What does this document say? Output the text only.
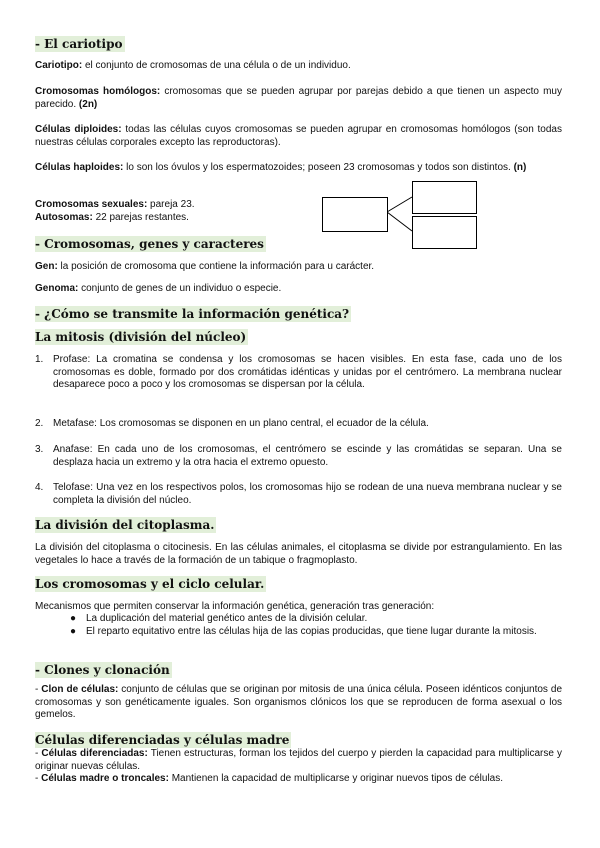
- El cariotipo
Cariotipo: el conjunto de cromosomas de una célula o de un individuo.
Cromosomas homólogos: cromosomas que se pueden agrupar por parejas debido a que tienen un aspecto muy parecido. (2n)
Células diploides: todas las células cuyos cromosomas se pueden agrupar en cromosomas homólogos (son todas nuestras células corporales excepto las reproductoras).
Células haploides: lo son los óvulos y los espermatozoides; poseen 23 cromosomas y todos son distintos. (n)
Cromosomas sexuales: pareja 23.
Autosomas: 22 parejas restantes.
- Cromosomas, genes y caracteres
Gen: la posición de cromosoma que contiene la información para u carácter.
Genoma: conjunto de genes de un individuo o especie.
- ¿Cómo se transmite la información genética?
La mitosis (división del núcleo)
1. Profase: La cromatina se condensa y los cromosomas se hacen visibles. En esta fase, cada uno de los cromosomas es doble, formado por dos cromátidas idénticas y unidas por el centrómero. La membrana nuclear desaparece poco a poco y los cromosomas se dispersan por la célula.
2. Metafase: Los cromosomas se disponen en un plano central, el ecuador de la célula.
3. Anafase: En cada uno de los cromosomas, el centrómero se escinde y las cromátidas se separan. Una se desplaza hacia un extremo y la otra hacia el extremo opuesto.
4. Telofase: Una vez en los respectivos polos, los cromosomas hijo se rodean de una nueva membrana nuclear y se completa la división del núcleo.
La división del citoplasma.
La división del citoplasma o citocinesis. En las células animales, el citoplasma se divide por estrangulamiento. En las vegetales lo hace a través de la formación de un tabique o fragmoplasto.
Los cromosomas y el ciclo celular.
Mecanismos que permiten conservar la información genética, generación tras generación:
● La duplicación del material genético antes de la división celular.
● El reparto equitativo entre las células hija de las copias producidas, que tiene lugar durante la mitosis.
- Clones y clonación
- Clon de células: conjunto de células que se originan por mitosis de una única célula. Poseen idénticos conjuntos de cromosomas y son genéticamente iguales. Son organismos clónicos los que se reproducen de forma asexual o los gemelos.
Células diferenciadas y células madre
- Células diferenciadas: Tienen estructuras, forman los tejidos del cuerpo y pierden la capacidad para multiplicarse y originar nuevas células.
- Células madre o troncales: Mantienen la capacidad de multiplicarse y originar nuevos tipos de células.
